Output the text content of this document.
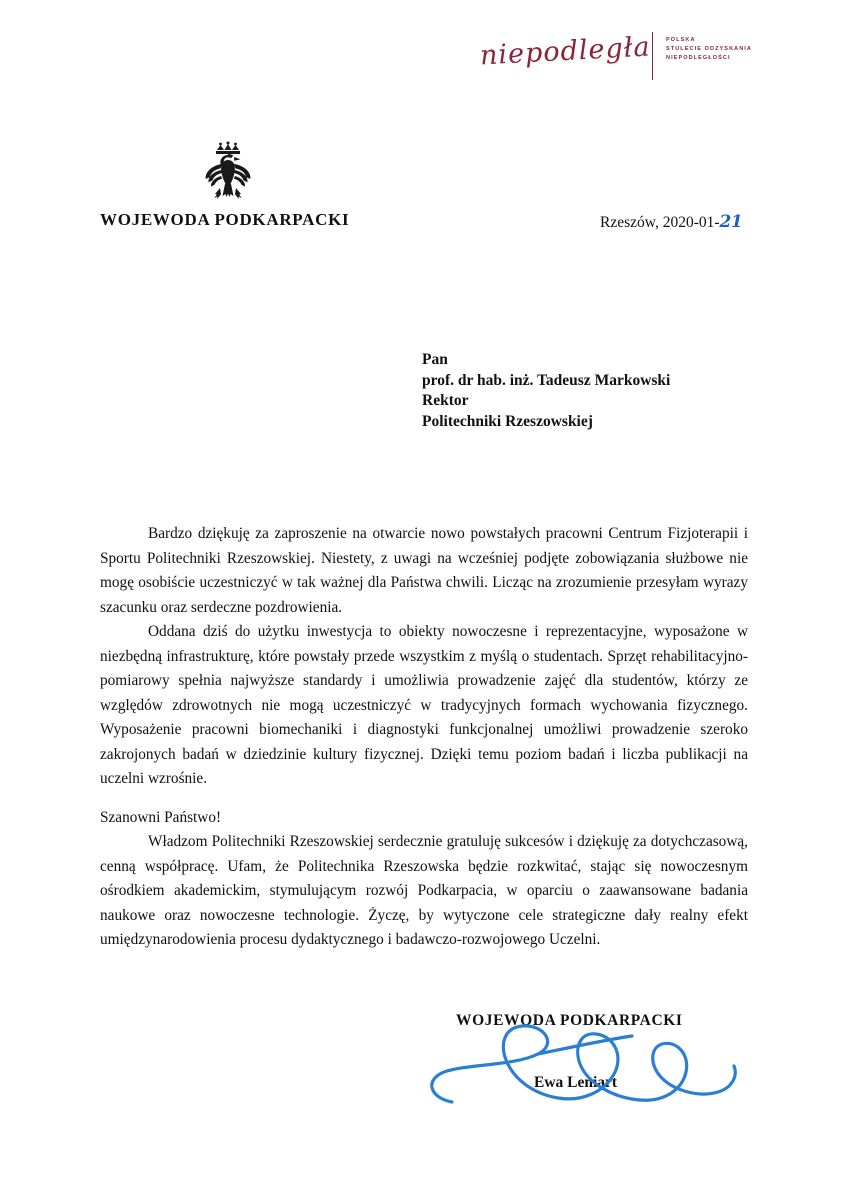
niepodległa	POLSKA
STULECIE ODZYSKANIA
NIEPODLEGŁOŚCI
WOJEWODA PODKARPACKI	Rzeszów, 2020-01-21
Pan
prof. dr hab. inż. Tadeusz Markowski
Rektor
Politechniki Rzeszowskiej

Bardzo dziękuję za zaproszenie na otwarcie nowo powstałych pracowni Centrum Fizjoterapii i Sportu Politechniki Rzeszowskiej. Niestety, z uwagi na wcześniej podjęte zobowiązania służbowe nie mogę osobiście uczestniczyć w tak ważnej dla Państwa chwili. Licząc na zrozumienie przesyłam wyrazy szacunku oraz serdeczne pozdrowienia.

Oddana dziś do użytku inwestycja to obiekty nowoczesne i reprezentacyjne, wyposażone w niezbędną infrastrukturę, które powstały przede wszystkim z myślą o studentach. Sprzęt rehabilitacyjno-pomiarowy spełnia najwyższe standardy i umożliwia prowadzenie zajęć dla studentów, którzy ze względów zdrowotnych nie mogą uczestniczyć w tradycyjnych formach wychowania fizycznego. Wyposażenie pracowni biomechaniki i diagnostyki funkcjonalnej umożliwi prowadzenie szeroko zakrojonych badań w dziedzinie kultury fizycznej. Dzięki temu poziom badań i liczba publikacji na uczelni wzrośnie.

Szanowni Państwo!

Władzom Politechniki Rzeszowskiej serdecznie gratuluję sukcesów i dziękuję za dotychczasową, cenną współpracę. Ufam, że Politechnika Rzeszowska będzie rozkwitać, stając się nowoczesnym ośrodkiem akademickim, stymulującym rozwój Podkarpacia, w oparciu o zaawansowane badania naukowe oraz nowoczesne technologie. Życzę, by wytyczone cele strategiczne dały realny efekt umiędzynarodowienia procesu dydaktycznego i badawczo-rozwojowego Uczelni.

WOJEWODA PODKARPACKI
Ewa Leniart
